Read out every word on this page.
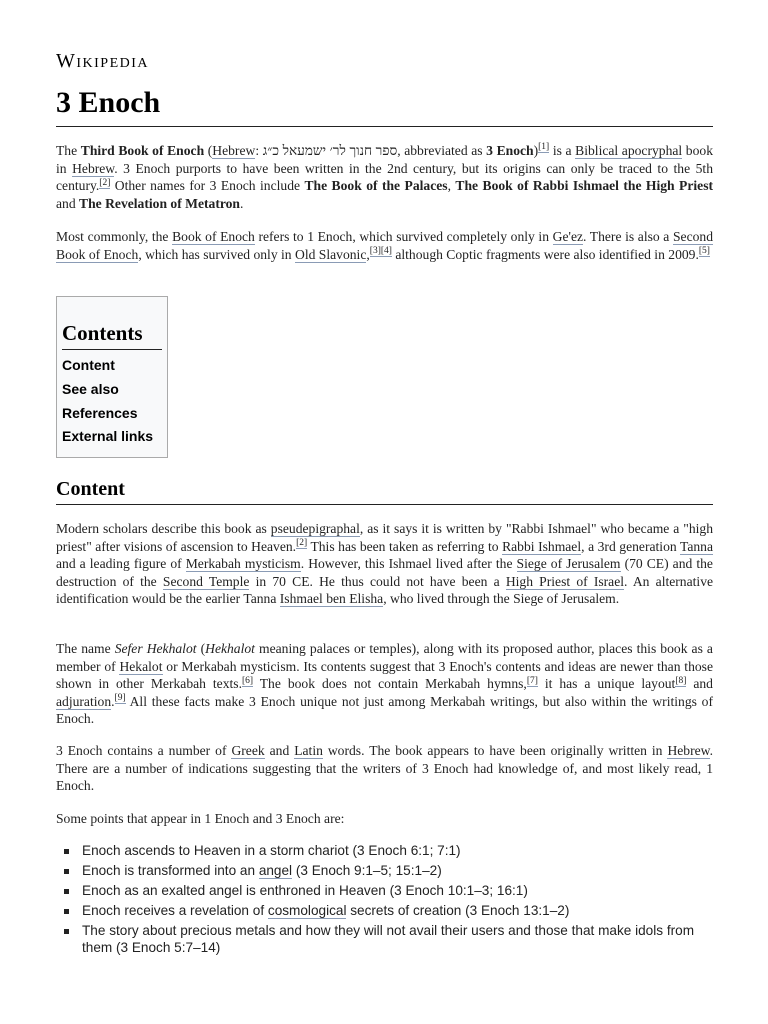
Wikipedia
3 Enoch

The Third Book of Enoch (Hebrew: ספר חנוך לר׳ ישמעאל כ״ג, abbreviated as 3 Enoch)[1] is a Biblical apocryphal book in Hebrew. 3 Enoch purports to have been written in the 2nd century, but its origins can only be traced to the 5th century.[2] Other names for 3 Enoch include The Book of the Palaces, The Book of Rabbi Ishmael the High Priest and The Revelation of Metatron.

Most commonly, the Book of Enoch refers to 1 Enoch, which survived completely only in Ge'ez. There is also a Second Book of Enoch, which has survived only in Old Slavonic,[3][4] although Coptic fragments were also identified in 2009.[5]

Contents
Content
See also
References
External links
Content

Modern scholars describe this book as pseudepigraphal, as it says it is written by "Rabbi Ishmael" who became a "high priest" after visions of ascension to Heaven.[2] This has been taken as referring to Rabbi Ishmael, a 3rd generation Tanna and a leading figure of Merkabah mysticism. However, this Ishmael lived after the Siege of Jerusalem (70 CE) and the destruction of the Second Temple in 70 CE. He thus could not have been a High Priest of Israel. An alternative identification would be the earlier Tanna Ishmael ben Elisha, who lived through the Siege of Jerusalem.

The name Sefer Hekhalot (Hekhalot meaning palaces or temples), along with its proposed author, places this book as a member of Hekalot or Merkabah mysticism. Its contents suggest that 3 Enoch's contents and ideas are newer than those shown in other Merkabah texts.[6] The book does not contain Merkabah hymns,[7] it has a unique layout[8] and adjuration.[9] All these facts make 3 Enoch unique not just among Merkabah writings, but also within the writings of Enoch.

3 Enoch contains a number of Greek and Latin words. The book appears to have been originally written in Hebrew. There are a number of indications suggesting that the writers of 3 Enoch had knowledge of, and most likely read, 1 Enoch.

Some points that appear in 1 Enoch and 3 Enoch are:

Enoch ascends to Heaven in a storm chariot (3 Enoch 6:1; 7:1)
Enoch is transformed into an angel (3 Enoch 9:1–5; 15:1–2)
Enoch as an exalted angel is enthroned in Heaven (3 Enoch 10:1–3; 16:1)
Enoch receives a revelation of cosmological secrets of creation (3 Enoch 13:1–2)
The story about precious metals and how they will not avail their users and those that make idols from them (3 Enoch 5:7–14)
